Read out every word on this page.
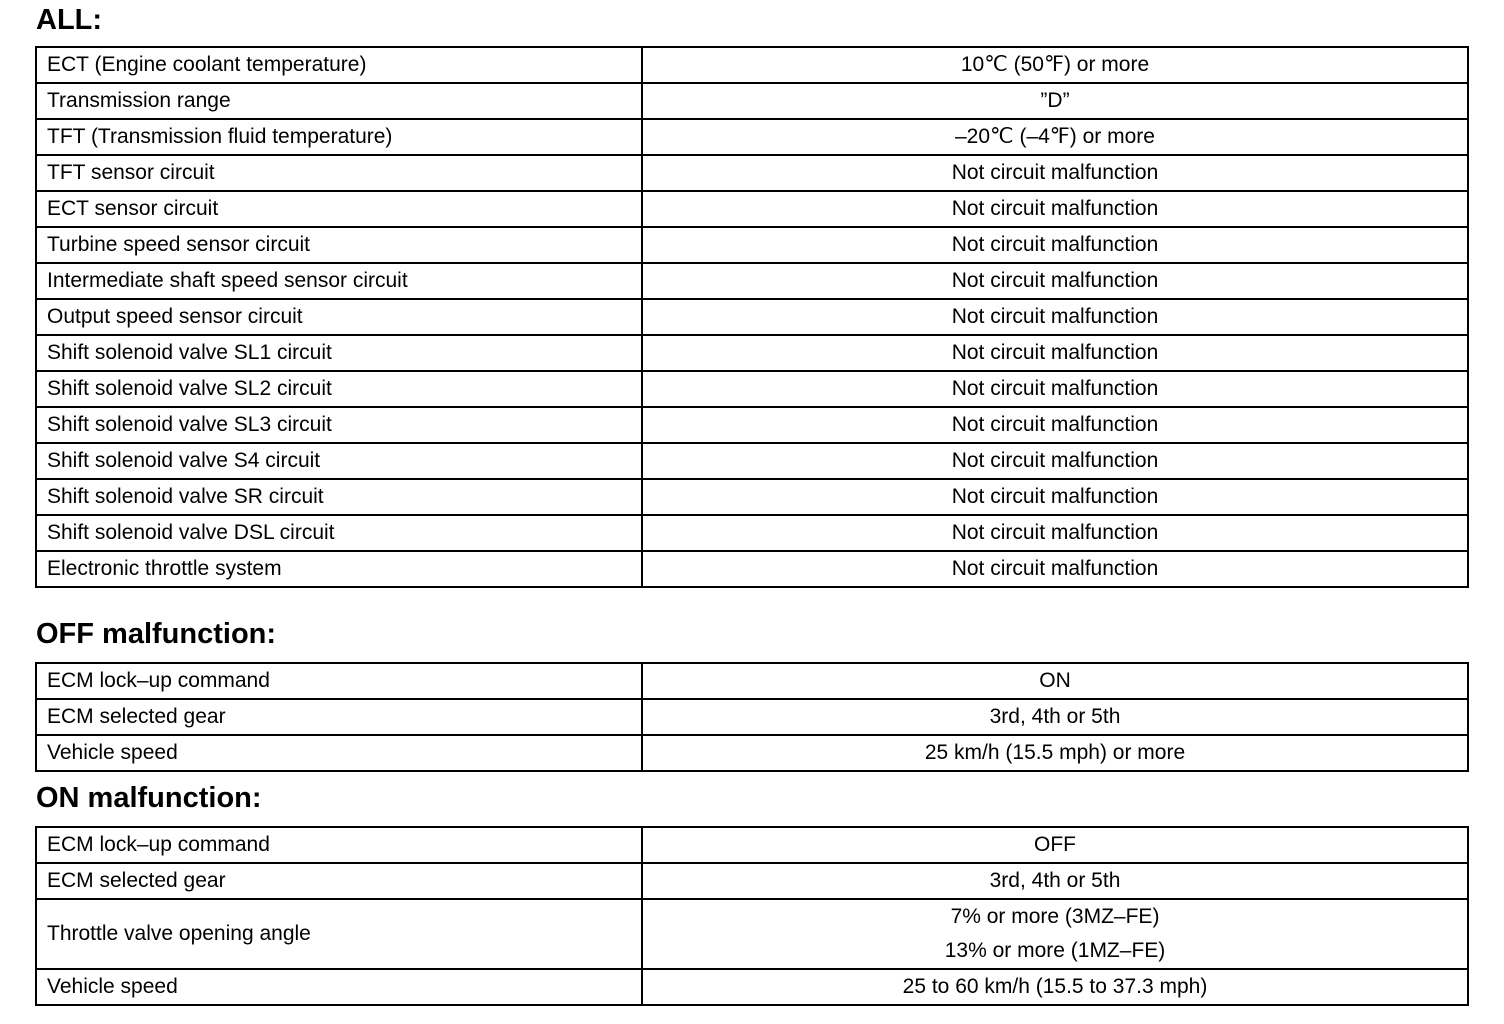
ALL:
ECT (Engine coolant temperature)	10℃ (50℉) or more
Transmission range	”D”
TFT (Transmission fluid temperature)	–20℃ (–4℉) or more
TFT sensor circuit	Not circuit malfunction
ECT sensor circuit	Not circuit malfunction
Turbine speed sensor circuit	Not circuit malfunction
Intermediate shaft speed sensor circuit	Not circuit malfunction
Output speed sensor circuit	Not circuit malfunction
Shift solenoid valve SL1 circuit	Not circuit malfunction
Shift solenoid valve SL2 circuit	Not circuit malfunction
Shift solenoid valve SL3 circuit	Not circuit malfunction
Shift solenoid valve S4 circuit	Not circuit malfunction
Shift solenoid valve SR circuit	Not circuit malfunction
Shift solenoid valve DSL circuit	Not circuit malfunction
Electronic throttle system	Not circuit malfunction
OFF malfunction:
ECM lock–up command	ON
ECM selected gear	3rd, 4th or 5th
Vehicle speed	25 km/h (15.5 mph) or more
ON malfunction:
ECM lock–up command	OFF
ECM selected gear	3rd, 4th or 5th
Throttle valve opening angle	7% or more (3MZ–FE)
13% or more (1MZ–FE)

Vehicle speed	25 to 60 km/h (15.5 to 37.3 mph)
